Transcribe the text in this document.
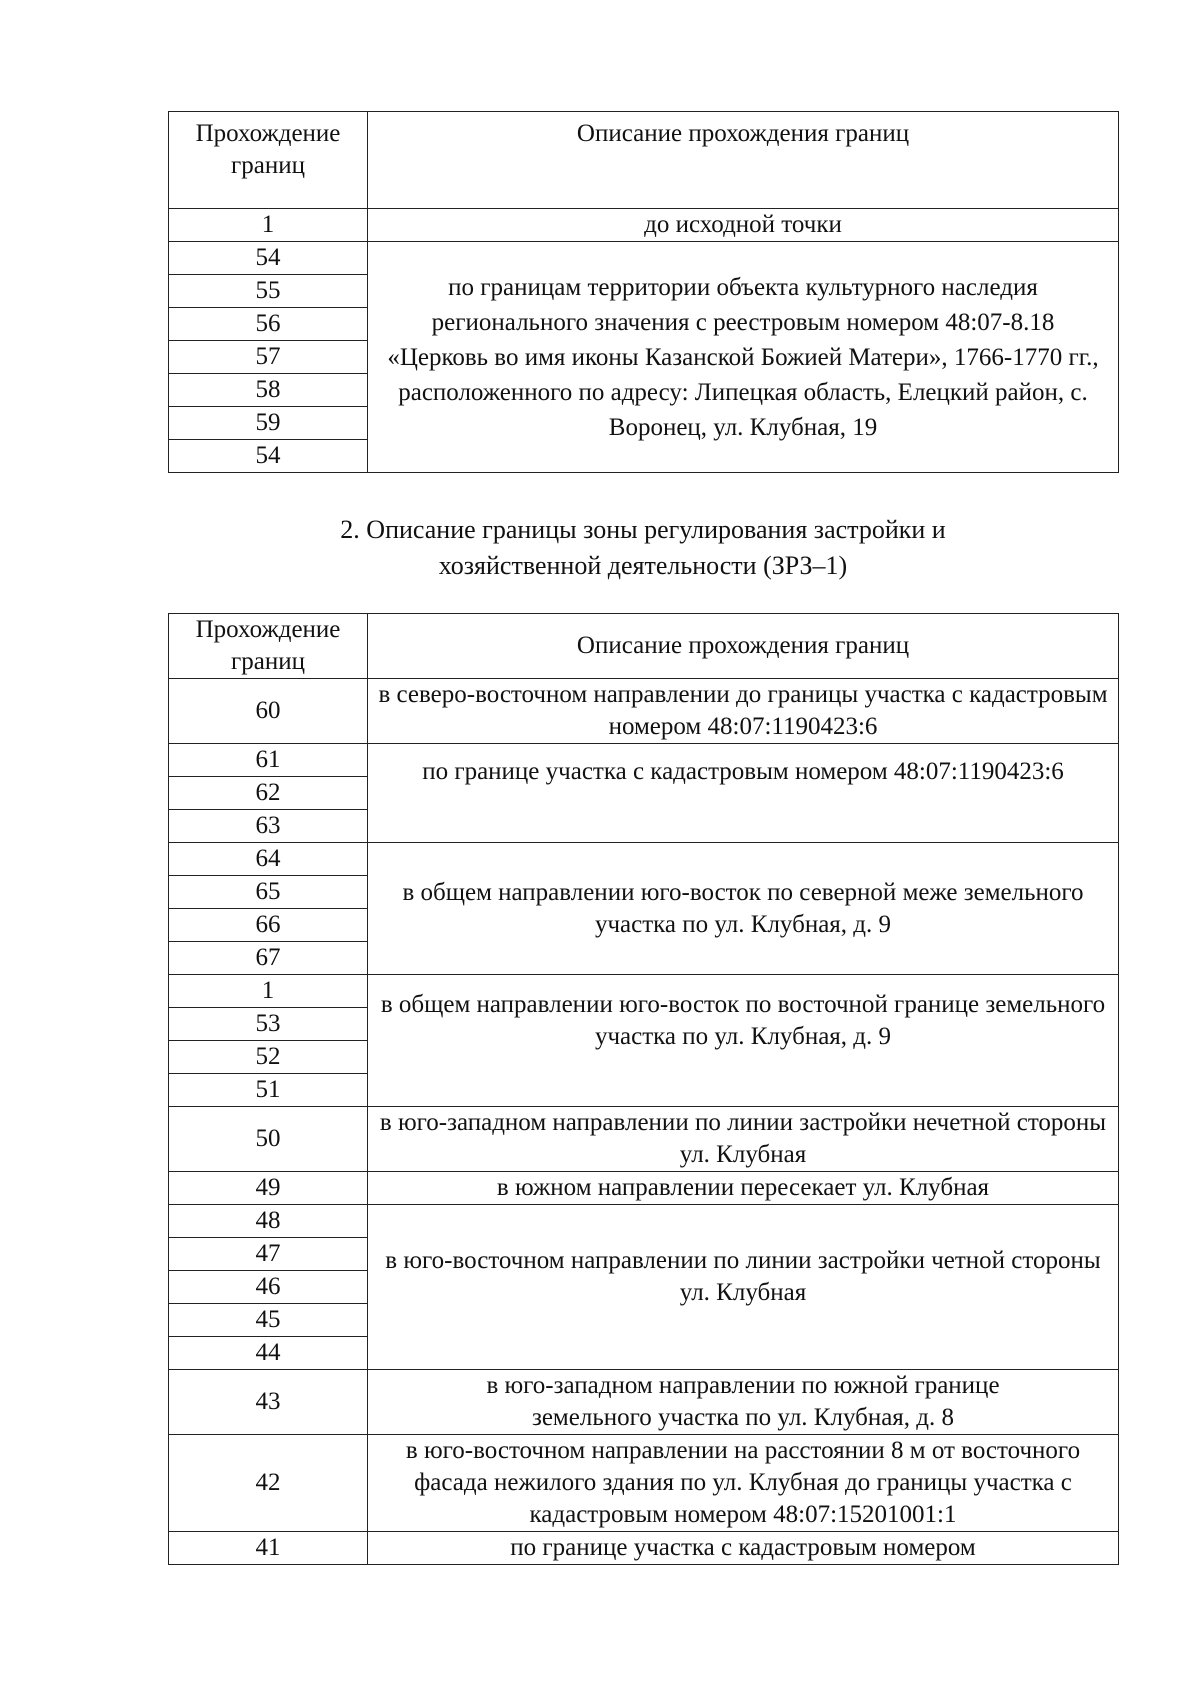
Прохождение границ	Описание прохождения границ
1	до исходной точки
54	по границам территории объекта культурного наследия регионального значения с реестровым номером 48:07-8.18 «Церковь во имя иконы Казанской Божией Матери», 1766-1770 гг., расположенного по адресу: Липецкая область, Елецкий район, с. Воронец, ул. Клубная, 19
55	
56	
57	
58	
59	
54	
2. Описание границы зоны регулирования застройки и
хозяйственной деятельности (ЗРЗ–1)
Прохождение границ	Описание прохождения границ
60	в северо-восточном направлении до границы участка с кадастровым номером 48:07:1190423:6
61	по границе участка с кадастровым номером 48:07:1190423:6
62	
63	
64	в общем направлении юго-восток по северной меже земельного участка по ул. Клубная, д. 9
65	
66	
67	
1	в общем направлении юго-восток по восточной границе земельного участка по ул. Клубная, д. 9
53	
52	
51	
50	в юго-западном направлении по линии застройки нечетной стороны ул. Клубная
49	в южном направлении пересекает ул. Клубная
48	в юго-восточном направлении по линии застройки четной стороны ул. Клубная
47	
46	
45	
44	
43	в юго-западном направлении по южной границе земельного участка по ул. Клубная, д. 8
42	в юго-восточном направлении на расстоянии 8 м от восточного фасада нежилого здания по ул. Клубная до границы участка с кадастровым номером 48:07:15201001:1
41	по границе участка с кадастровым номером
